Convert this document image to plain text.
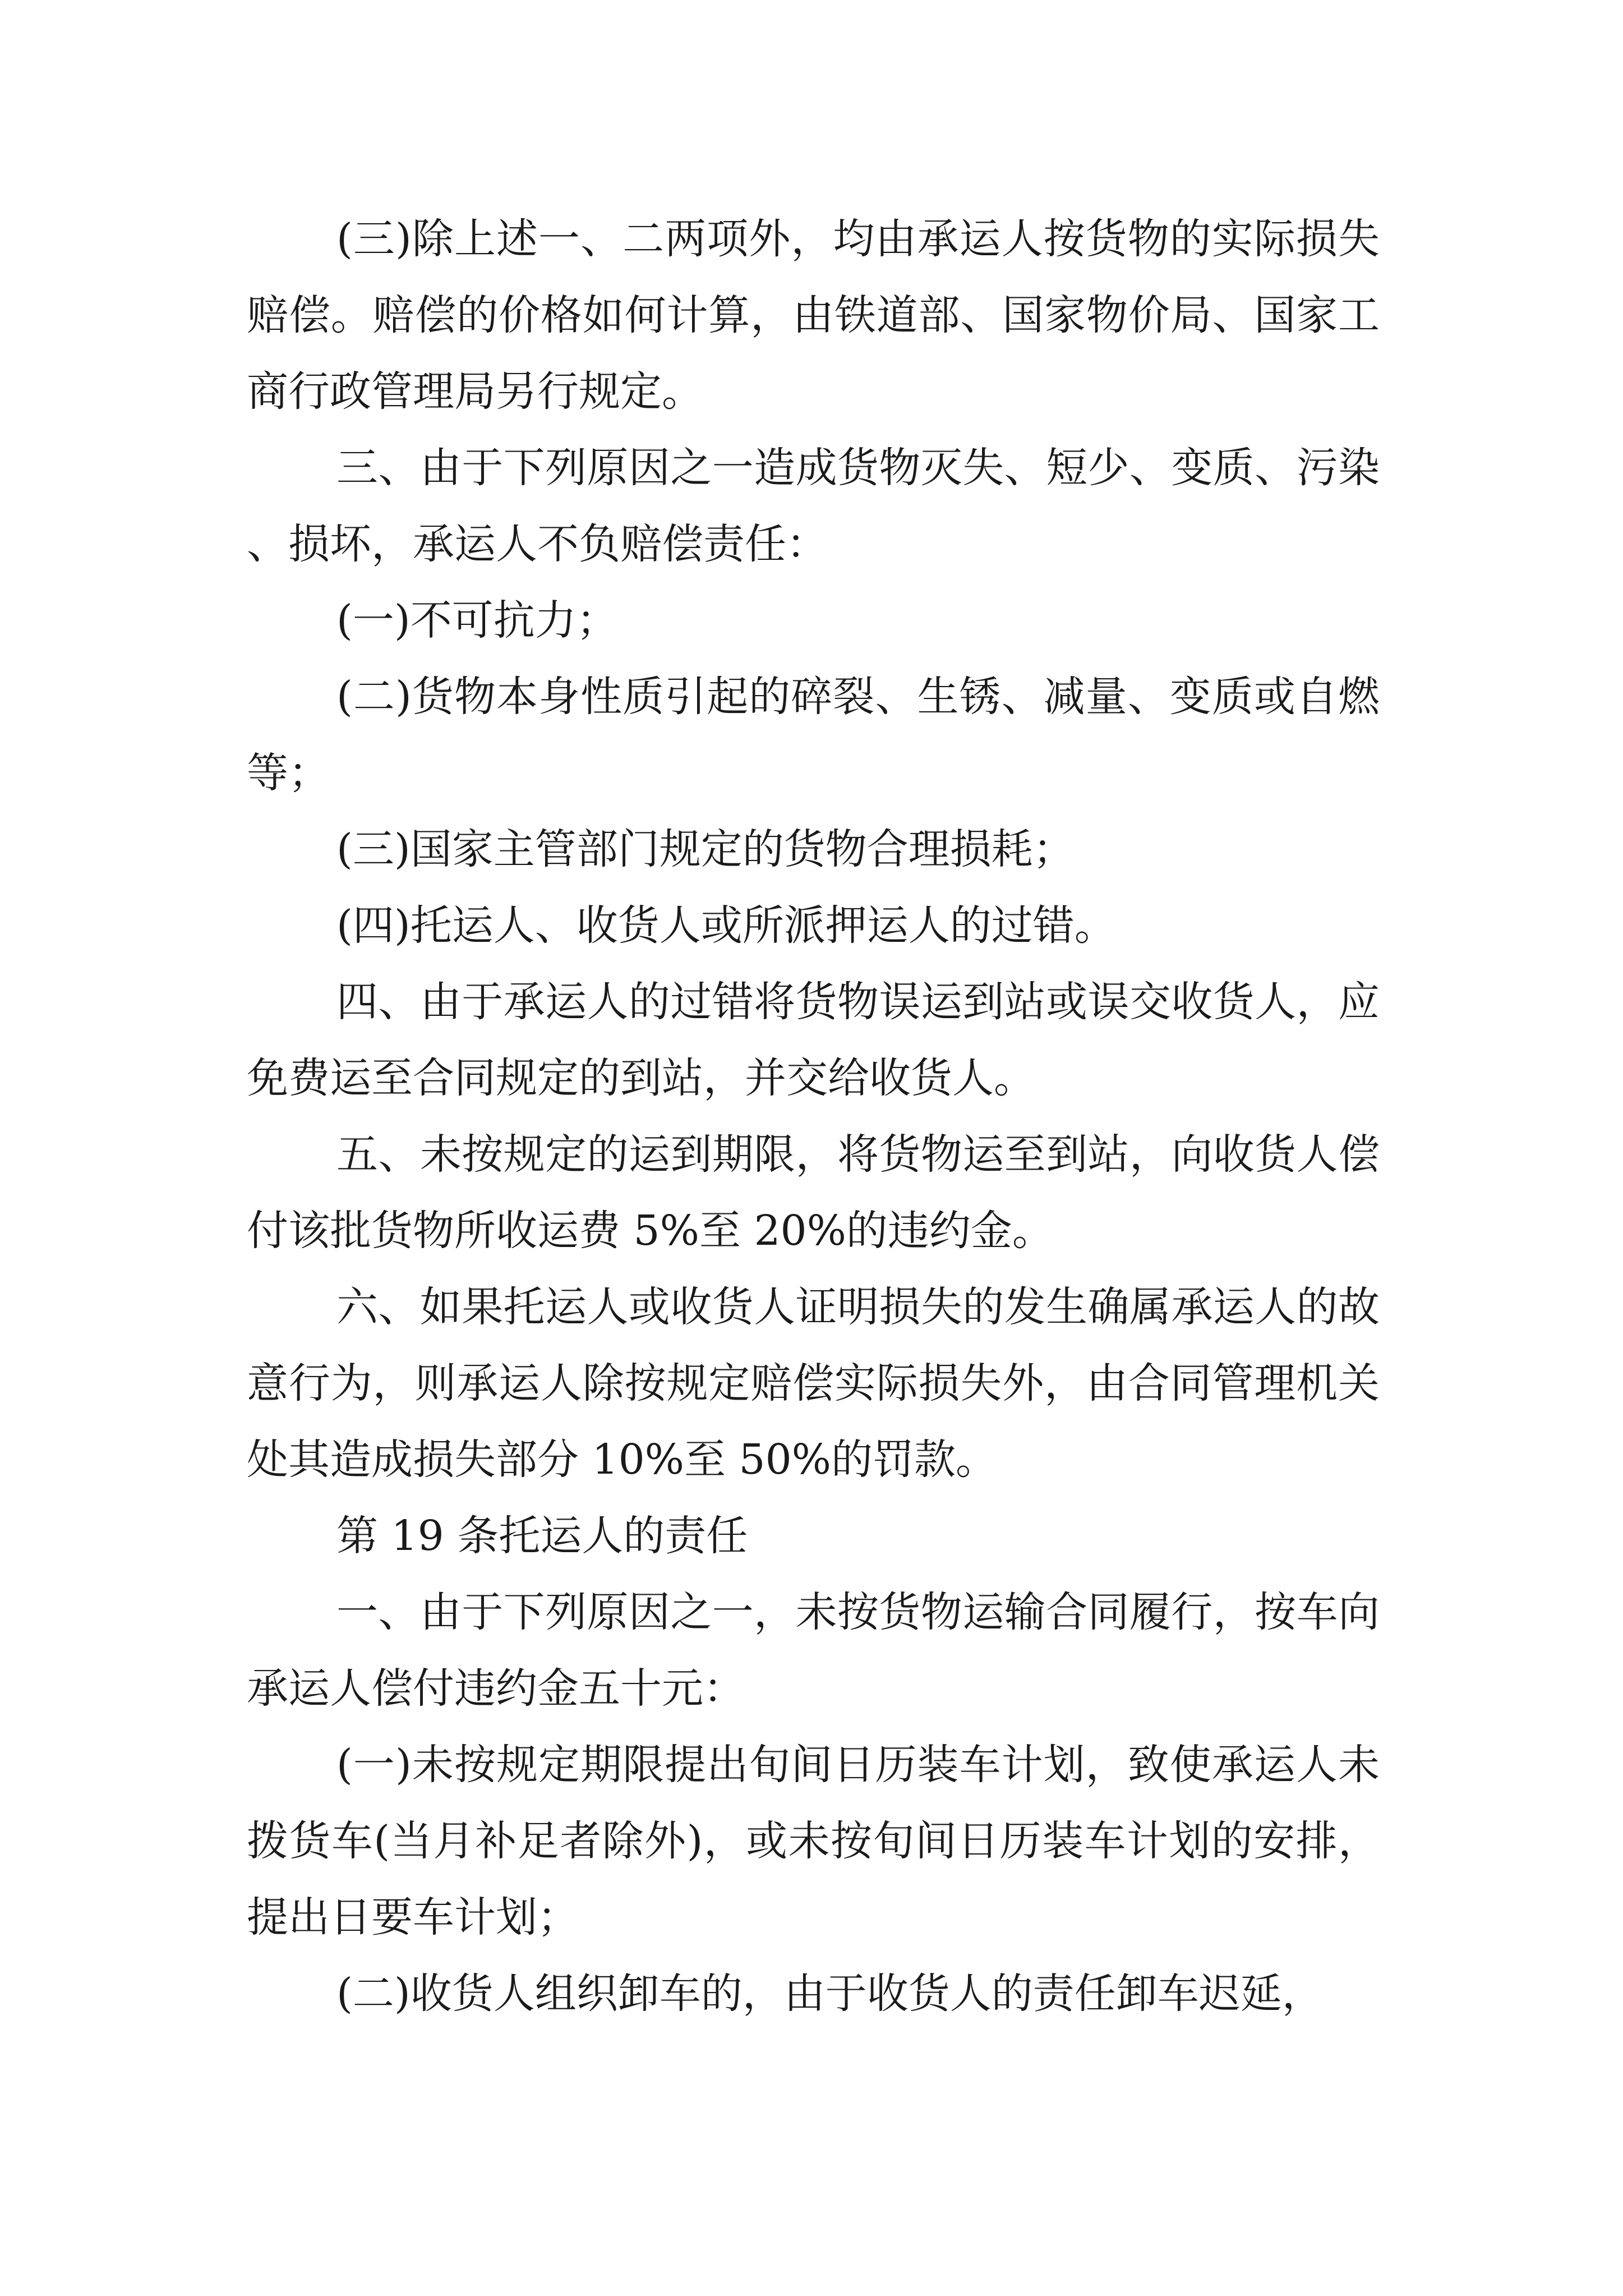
(三)除上述一、二两项外，均由承运人按货物的实际损失赔偿。赔偿的价格如何计算，由铁道部、国家物价局、国家工商行政管理局另行规定。

三、由于下列原因之一造成货物灭失、短少、变质、污染、损坏，承运人不负赔偿责任：

(一)不可抗力；

(二)货物本身性质引起的碎裂、生锈、减量、变质或自燃等；

(三)国家主管部门规定的货物合理损耗；

(四)托运人、收货人或所派押运人的过错。

四、由于承运人的过错将货物误运到站或误交收货人，应免费运至合同规定的到站，并交给收货人。

五、未按规定的运到期限，将货物运至到站，向收货人偿付该批货物所收运费 5%至 20%的违约金。

六、如果托运人或收货人证明损失的发生确属承运人的故意行为，则承运人除按规定赔偿实际损失外，由合同管理机关处其造成损失部分 10%至 50%的罚款。

第 19 条托运人的责任

一、由于下列原因之一，未按货物运输合同履行，按车向承运人偿付违约金五十元：

(一)未按规定期限提出旬间日历装车计划，致使承运人未拨货车(当月补足者除外)，或未按旬间日历装车计划的安排，提出日要车计划；

(二)收货人组织卸车的，由于收货人的责任卸车迟延，
